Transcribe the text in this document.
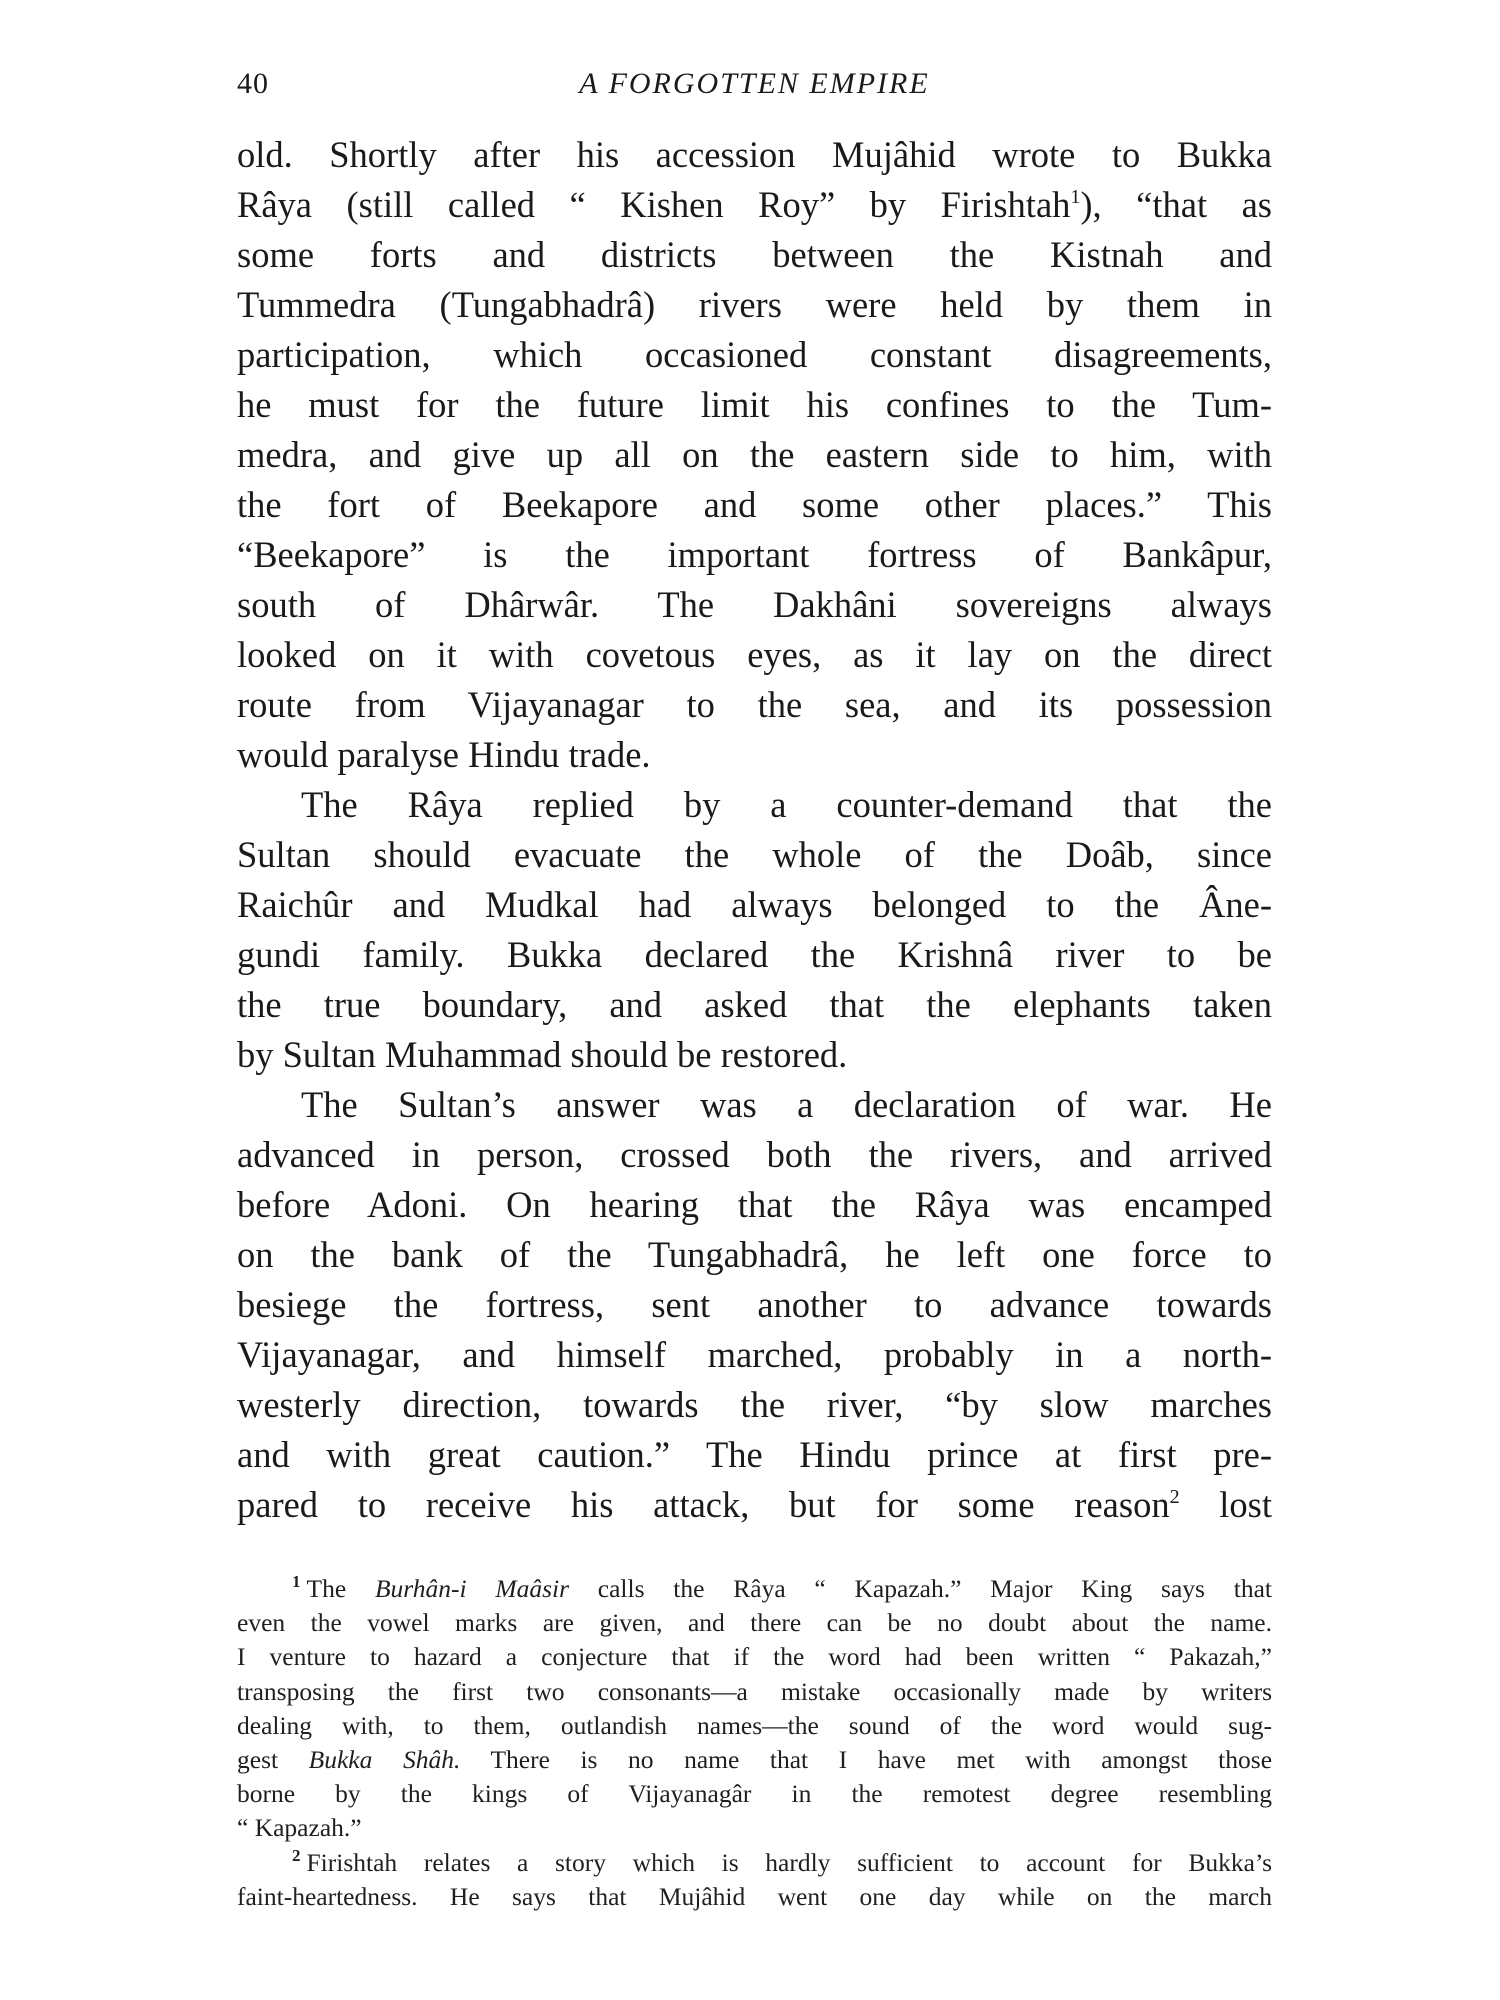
40	A FORGOTTEN EMPIRE
old. Shortly after his accession Mujâhid wrote to Bukka
Râya (still called “ Kishen Roy” by Firishtah$^1$), “that as
some forts and districts between the Kistnah and
Tummedra (Tungabhadrâ) rivers were held by them in
participation, which occasioned constant disagreements,
he must for the future limit his confines to the Tum-
medra, and give up all on the eastern side to him, with
the fort of Beekapore and some other places.” This
“Beekapore” is the important fortress of Bankâpur,
south of Dhârwâr. The Dakhâni sovereigns always
looked on it with covetous eyes, as it lay on the direct
route from Vijayanagar to the sea, and its possession
would paralyse Hindu trade.
The Râya replied by a counter-demand that the
Sultan should evacuate the whole of the Doâb, since
Raichûr and Mudkal had always belonged to the Âne-
gundi family. Bukka declared the Krishnâ river to be
the true boundary, and asked that the elephants taken
by Sultan Muhammad should be restored.
The Sultan’s answer was a declaration of war. He
advanced in person, crossed both the rivers, and arrived
before Adoni. On hearing that the Râya was encamped
on the bank of the Tungabhadrâ, he left one force to
besiege the fortress, sent another to advance towards
Vijayanagar, and himself marched, probably in a north-
westerly direction, towards the river, “by slow marches
and with great caution.” The Hindu prince at first pre-
pared to receive his attack, but for some reason$^2$ lost
$^1$ The Burhân-i Maâsir calls the Râya “ Kapazah.” Major King says that
even the vowel marks are given, and there can be no doubt about the name.
I venture to hazard a conjecture that if the word had been written “ Pakazah,”
transposing the first two consonants—a mistake occasionally made by writers
dealing with, to them, outlandish names—the sound of the word would sug-
gest Bukka Shâh. There is no name that I have met with amongst those
borne by the kings of Vijayanagâr in the remotest degree resembling
“ Kapazah.”
$^2$ Firishtah relates a story which is hardly sufficient to account for Bukka’s
faint-heartedness. He says that Mujâhid went one day while on the march
